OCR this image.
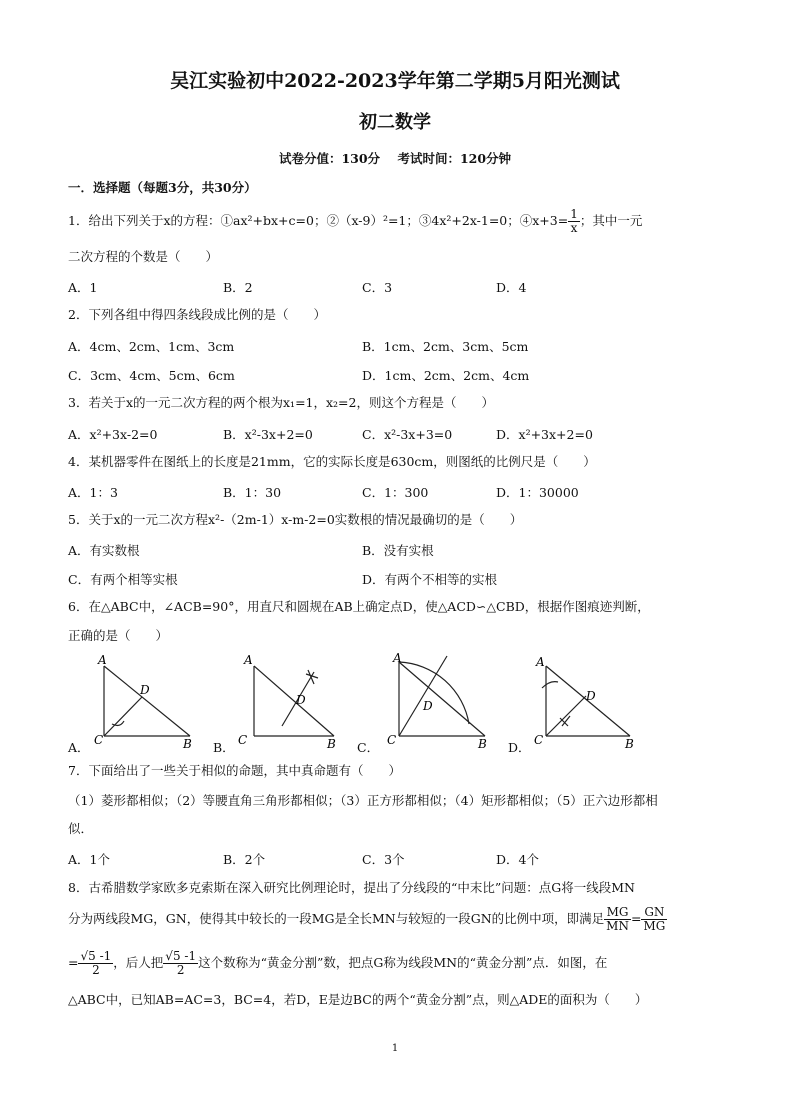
吴江实验初中2022-2023学年第二学期5月阳光测试
初二数学
试卷分值：130分    考试时间：120分钟
一．选择题（每题3分，共30分）
1．给出下列关于x的方程：①ax²+bx+c=0；②（x-9）²=1；③4x²+2x-1=0；④x+3= $\frac{1}{x}$ ；其中一元
二次方程的个数是（　　）
A．1	B．2	C．3	D．4
2．下列各组中得四条线段成比例的是（　　）
A．4cm、2cm、1cm、3cm	B．1cm、2cm、3cm、5cm
C．3cm、4cm、5cm、6cm	D．1cm、2cm、2cm、4cm
3．若关于x的一元二次方程的两个根为x₁=1，x₂=2，则这个方程是（　　）
A．x²+3x-2=0	B．x²-3x+2=0	C．x²-3x+3=0	D．x²+3x+2=0
4．某机器零件在图纸上的长度是21mm，它的实际长度是630cm，则图纸的比例尺是（　　）
A．1：3	B．1：30	C．1：300	D．1：30000
5．关于x的一元二次方程x²-（2m-1）x-m-2=0实数根的情况最确切的是（　　）
A．有实数根	B．没有实根
C．有两个相等实根	D．有两个不相等的实根
6．在△ABC中，∠ACB=90°，用直尺和圆规在AB上确定点D，使△ACD∽△CBD，根据作图痕迹判断，
正确的是（　　）
A．	B．	C．	D．
A
C	B
D
A
C	B
D
A
C	B
D
A
C	B
D
7．下面给出了一些关于相似的命题，其中真命题有（　　）
（1）菱形都相似；（2）等腰直角三角形都相似；（3）正方形都相似；（4）矩形都相似；（5）正六边形都相
似．
A．1个	B．2个	C．3个	D．4个
8．古希腊数学家欧多克索斯在深入研究比例理论时，提出了分线段的“中末比”问题：点G将一线段MN
分为两线段MG，GN，使得其中较长的一段MG是全长MN与较短的一段GN的比例中项，即满足 $\frac{MG}{MN} = \frac{GN}{MG}$
= $\frac{√5 -1}{2}$ ，后人把 $\frac{√5 -1}{2}$ 这个数称为“黄金分割”数，把点G称为线段MN的“黄金分割”点．如图，在
△ABC中，已知AB=AC=3，BC=4，若D，E是边BC的两个“黄金分割”点，则△ADE的面积为（　　）
1
